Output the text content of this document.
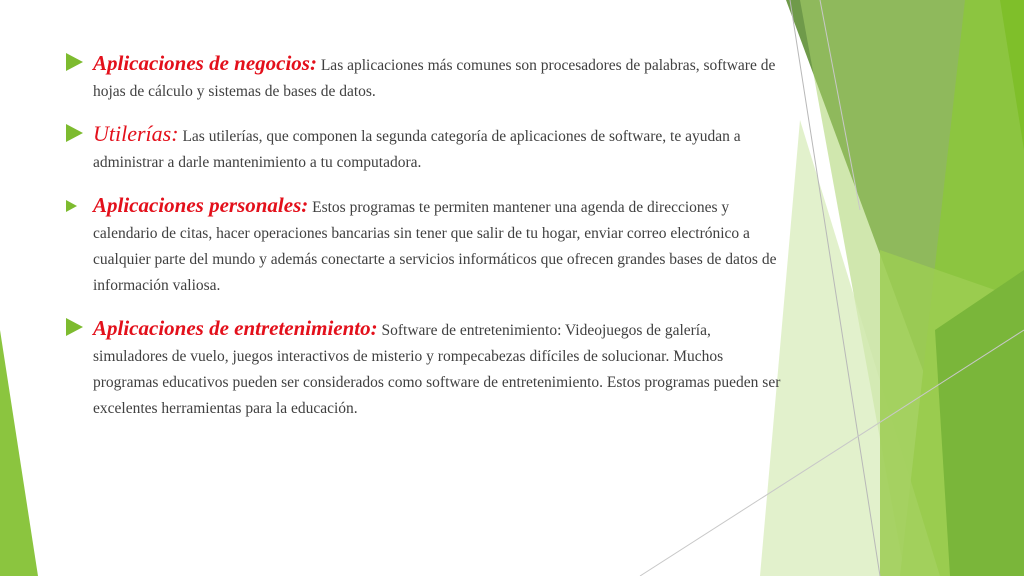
Aplicaciones de negocios: Las aplicaciones más comunes son procesadores de palabras, software de hojas de cálculo y sistemas de bases de datos.
Utilerías: Las utilerías, que componen la segunda categoría de aplicaciones de software, te ayudan a administrar a darle mantenimiento a tu computadora.
Aplicaciones personales: Estos programas te permiten mantener una agenda de direcciones y calendario de citas, hacer operaciones bancarias sin tener que salir de tu hogar, enviar correo electrónico a cualquier parte del mundo y además conectarte a servicios informáticos que ofrecen grandes bases de datos de información valiosa.
Aplicaciones de entretenimiento: Software de entretenimiento: Videojuegos de galería, simuladores de vuelo, juegos interactivos de misterio y rompecabezas difíciles de solucionar. Muchos programas educativos pueden ser considerados como software de entretenimiento. Estos programas pueden ser excelentes herramientas para la educación.
